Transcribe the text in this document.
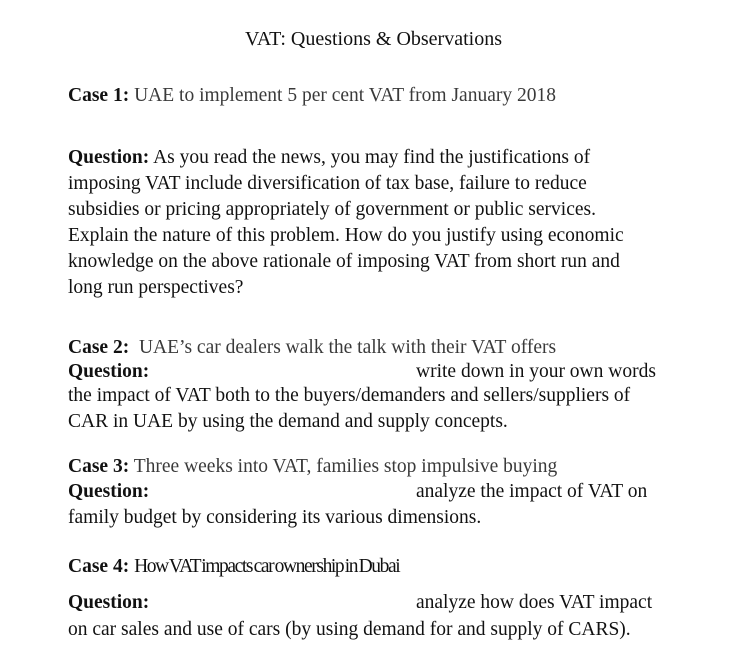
VAT: Questions & Observations
Case 1: UAE to implement 5 per cent VAT from January 2018

Question: As you read the news, you may find the justifications of

imposing VAT include diversification of tax base, failure to reduce

subsidies or pricing appropriately of government or public services.

Explain the nature of this problem. How do you justify using economic

knowledge on the above rationale of imposing VAT from short run and

long run perspectives?

Case 2: UAE’s car dealers walk the talk with their VAT offers
Question:	write down in your own words

the impact of VAT both to the buyers/demanders and sellers/suppliers of

CAR in UAE by using the demand and supply concepts.

Case 3: Three weeks into VAT, families stop impulsive buying
Question:	analyze the impact of VAT on

family budget by considering its various dimensions.

Case 4: How VAT impacts car ownership in Dubai
Question:	analyze how does VAT impact

on car sales and use of cars (by using demand for and supply of CARS).
